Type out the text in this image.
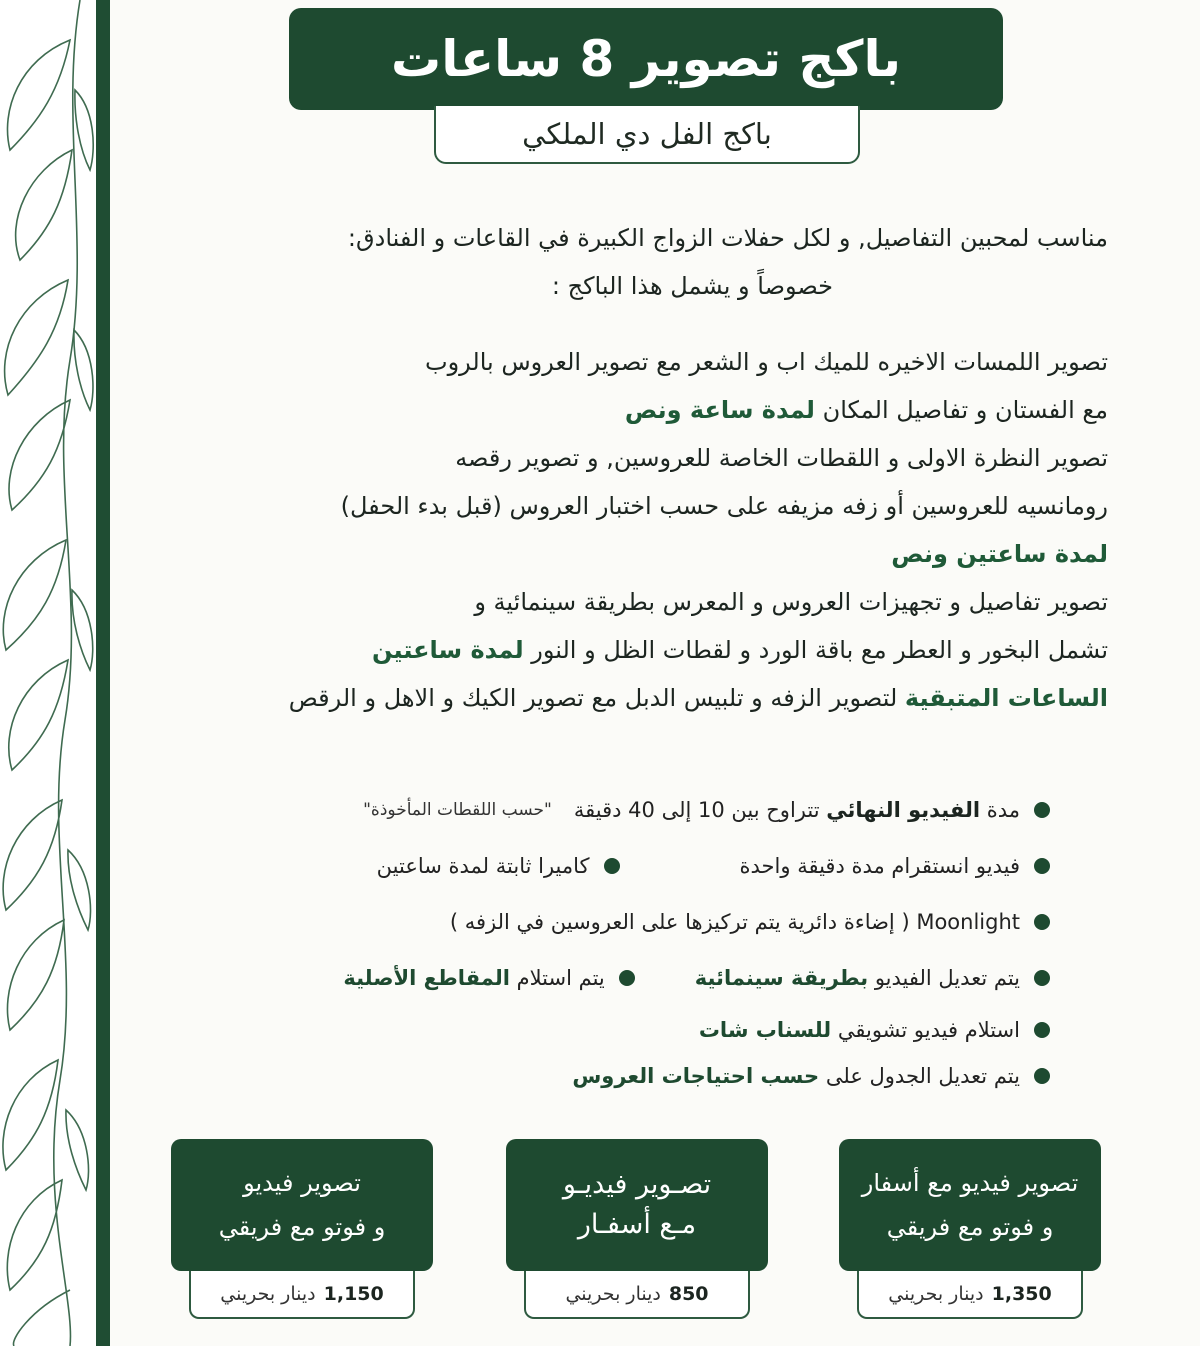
باكج تصوير 8 ساعات
باكج الفل دي الملكي
مناسب لمحبين التفاصيل, و لكل حفلات الزواج الكبيرة في القاعات و الفنادق:
خصوصاً و يشمل هذا الباكج :
تصوير اللمسات الاخيره للميك اب و الشعر مع تصوير العروس بالروب
مع الفستان و تفاصيل المكان لمدة ساعة ونص
تصوير النظرة الاولى و اللقطات الخاصة للعروسين, و تصوير رقصه
رومانسيه للعروسين أو زفه مزيفه على حسب اختبار العروس (قبل بدء الحفل)
لمدة ساعتين ونص
تصوير تفاصيل و تجهيزات العروس و المعرس بطريقة سينمائية و
تشمل البخور و العطر مع باقة الورد و لقطات الظل و النور لمدة ساعتين
الساعات المتبقية لتصوير الزفه و تلبيس الدبل مع تصوير الكيك و الاهل و الرقص
مدة الفيديو النهائي تتراوح بين 10 إلى 40 دقيقة
"حسب اللقطات المأخوذة"
فيديو انستقرام مدة دقيقة واحدة
كاميرا ثابتة لمدة ساعتين
Moonlight ( إضاءة دائرية يتم تركيزها على العروسين في الزفه )
يتم تعديل الفيديو بطريقة سينمائية
يتم استلام المقاطع الأصلية
استلام فيديو تشويقي للسناب شات
يتم تعديل الجدول على حسب احتياجات العروس
تصوير فيديو
و فوتو مع فريقي
1,150
دينار بحريني
تصـوير فيديـو
مـع أسفـار
850
دينار بحريني
تصوير فيديو مع أسفار
و فوتو مع فريقي
1,350
دينار بحريني
